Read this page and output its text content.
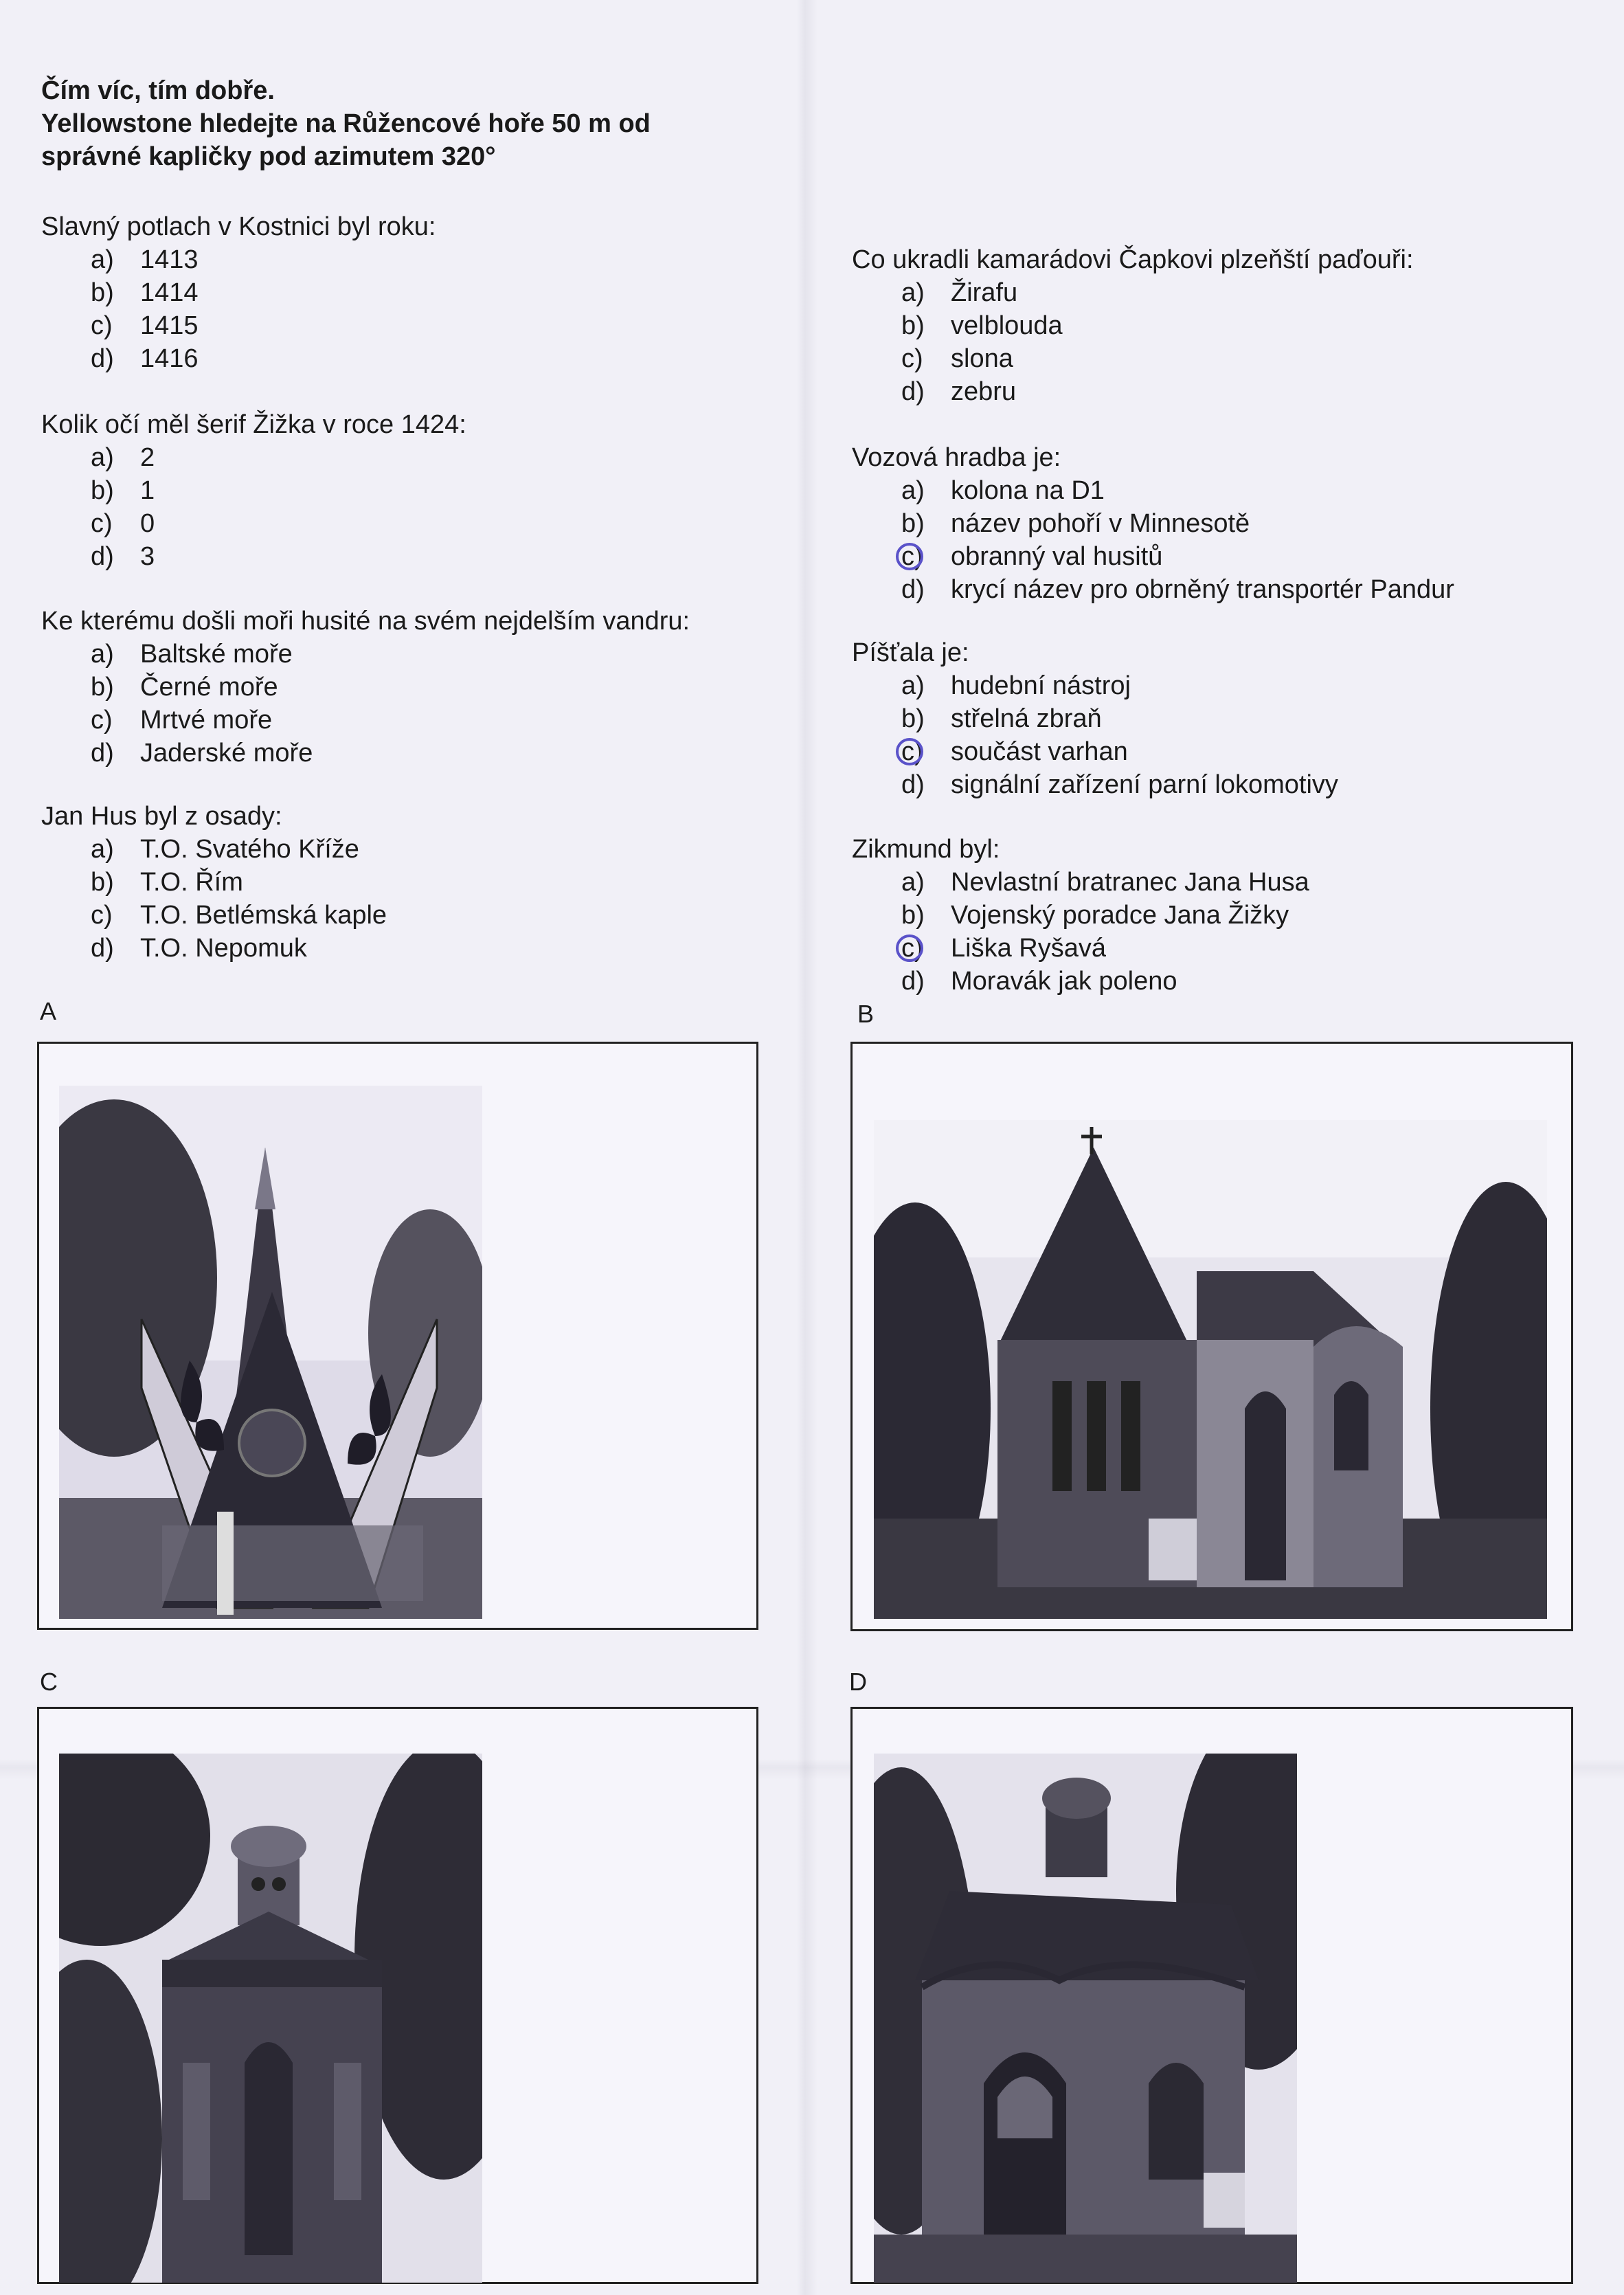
Čím víc, tím dobře.
Yellowstone hledejte na Růžencové hoře 50 m od
správné kapličky pod azimutem 320°
Slavný potlach v Kostnici byl roku:
a) 1413
b) 1414
c) 1415
d) 1416
Kolik očí měl šerif Žižka v roce 1424:
a) 2
b) 1
c) 0
d) 3
Ke kterému došli moři husité na svém nejdelším vandru:
a) Baltské moře
b) Černé moře
c) Mrtvé moře
d) Jaderské moře
Jan Hus byl z osady:
a) T.O. Svatého Kříže
b) T.O. Řím
c) T.O. Betlémská kaple
d) T.O. Nepomuk
Co ukradli kamarádovi Čapkovi plzeňští paďouři:
a) Žirafu
b) velblouda
c) slona
d) zebru
Vozová hradba je:
a) kolona na D1
b) název pohoří v Minnesotě
c) obranný val husitů
d) krycí název pro obrněný transportér Pandur
Píšťala je:
a) hudební nástroj
b) střelná zbraň
c) součást varhan
d) signální zařízení parní lokomotivy
Zikmund byl:
a) Nevlastní bratranec Jana Husa
b) Vojenský poradce Jana Žižky
c) Liška Ryšavá
d) Moravák jak poleno
A	B
C	D
